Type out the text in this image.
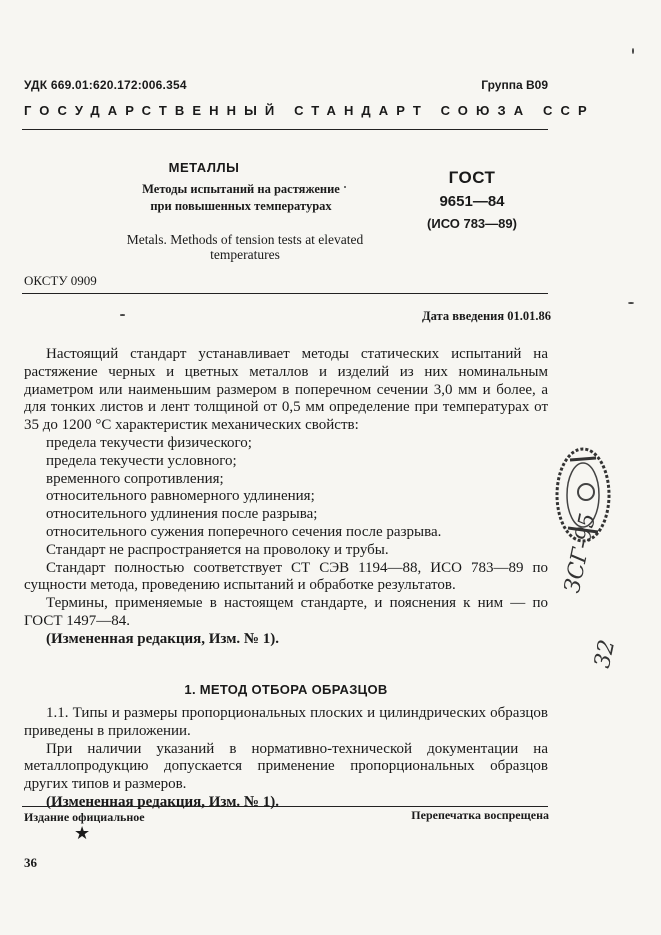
УДК 669.01:620.172:006.354	Группа В09
ГОСУДАРСТВЕННЫЙ СТАНДАРТ СОЮЗА ССР
МЕТАЛЛЫ
Методы испытаний на растяжение
при повышенных температурах
Metals. Methods of tension tests at elevated
temperatures
ГОСТ
9651—84
(ИСО 783—89)
ОКСТУ 0909
Дата введения 01.01.86

Настоящий стандарт устанавливает методы статических испытаний на растяжение черных и цветных металлов и изделий из них номинальным диаметром или наименьшим размером в поперечном сечении 3,0 мм и более, а для тонких листов и лент толщиной от 0,5 мм определение при температурах от 35 до 1200 °С характеристик механических свойств:

предела текучести физического;

предела текучести условного;

временного сопротивления;

относительного равномерного удлинения;

относительного удлинения после разрыва;

относительного сужения поперечного сечения после разрыва.

Стандарт не распространяется на проволоку и трубы.

Стандарт полностью соответствует СТ СЭВ 1194—88, ИСО 783—89 по сущности метода, проведению испытаний и обработке результатов.

Термины, применяемые в настоящем стандарте, и пояснения к ним — по ГОСТ 1497—84.

(Измененная редакция, Изм. № 1).

1. МЕТОД ОТБОРА ОБРАЗЦОВ

1.1. Типы и размеры пропорциональных плоских и цилиндрических образцов приведены в приложении.

При наличии указаний в нормативно-технической документации на металлопродукцию допускается применение пропорциональных образцов других типов и размеров.

(Измененная редакция, Изм. № 1).

Издание официальное	Перепечатка воспрещена
★
36
ЗСГ-95
32
